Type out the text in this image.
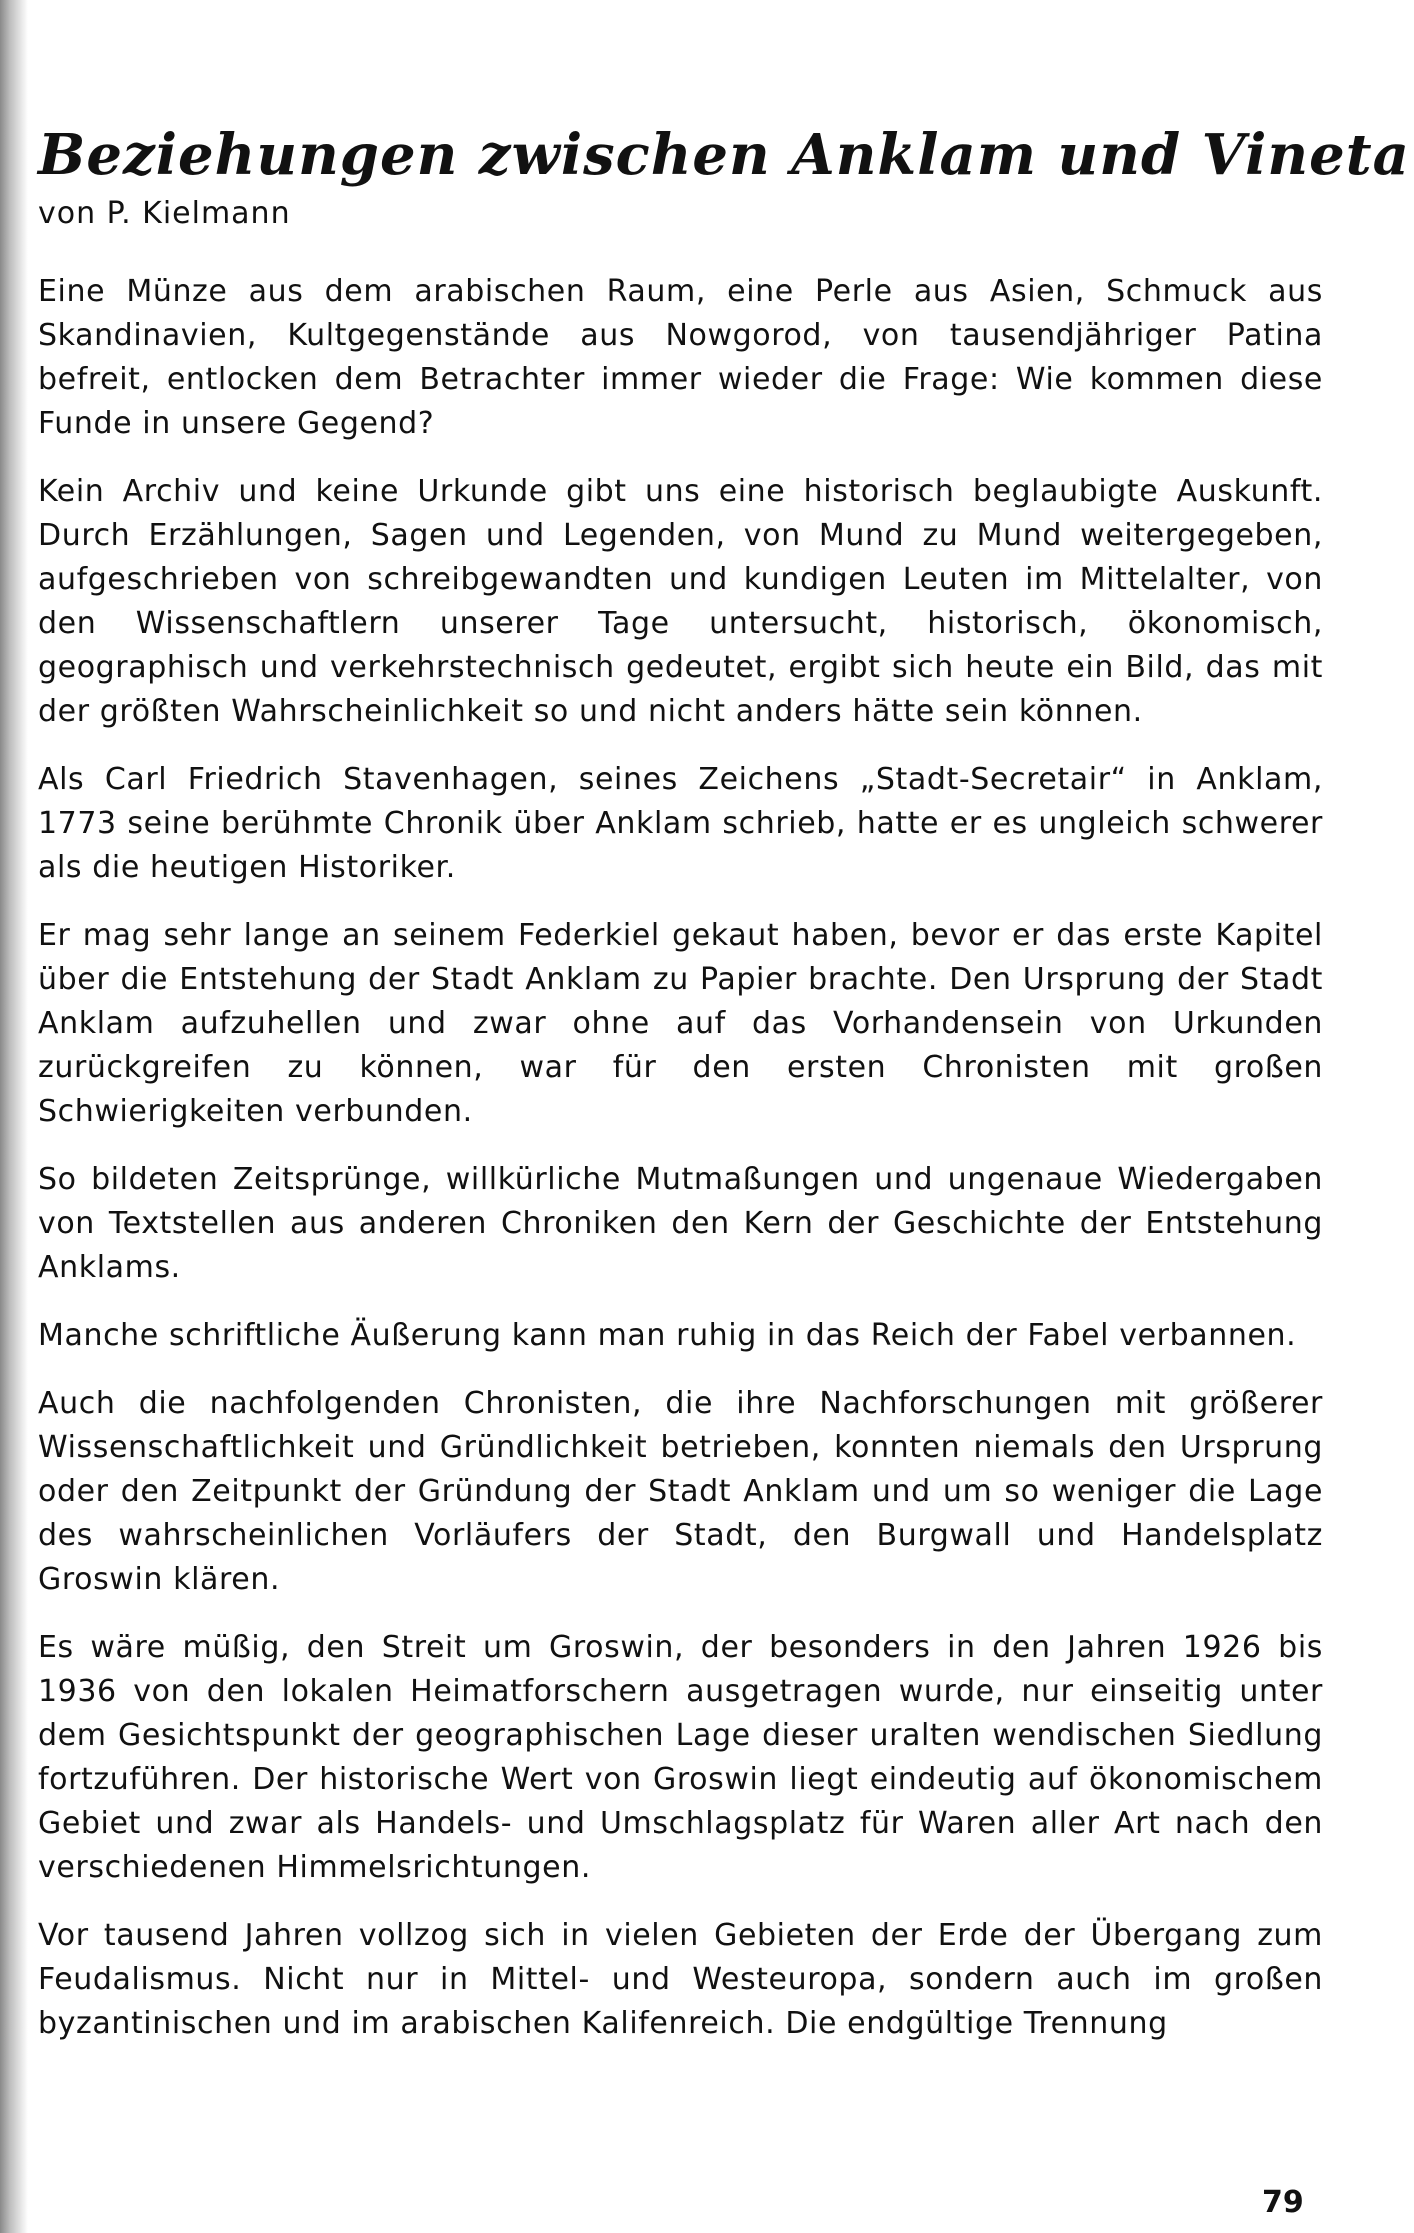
Beziehungen zwischen Anklam und Vineta
von P. Kielmann

Eine Münze aus dem arabischen Raum, eine Perle aus Asien, Schmuck aus Skandinavien, Kultgegenstände aus Nowgorod, von tausendjähriger Patina befreit, entlocken dem Betrachter immer wieder die Frage: Wie kommen diese Funde in unsere Gegend?

Kein Archiv und keine Urkunde gibt uns eine historisch beglaubigte Auskunft. Durch Erzählungen, Sagen und Legenden, von Mund zu Mund weitergegeben, aufgeschrieben von schreibgewandten und kundigen Leuten im Mittelalter, von den Wissenschaftlern unserer Tage untersucht, historisch, ökonomisch, geographisch und verkehrstechnisch gedeutet, ergibt sich heute ein Bild, das mit der größten Wahrscheinlichkeit so und nicht anders hätte sein können.

Als Carl Friedrich Stavenhagen, seines Zeichens „Stadt-Secretair“ in Anklam, 1773 seine berühmte Chronik über Anklam schrieb, hatte er es ungleich schwerer als die heutigen Historiker.

Er mag sehr lange an seinem Federkiel gekaut haben, bevor er das erste Kapitel über die Entstehung der Stadt Anklam zu Papier brachte. Den Ursprung der Stadt Anklam aufzuhellen und zwar ohne auf das Vorhandensein von Urkunden zurückgreifen zu können, war für den ersten Chronisten mit großen Schwierigkeiten verbunden.

So bildeten Zeitsprünge, willkürliche Mutmaßungen und ungenaue Wiedergaben von Textstellen aus anderen Chroniken den Kern der Geschichte der Entstehung Anklams.

Manche schriftliche Äußerung kann man ruhig in das Reich der Fabel verbannen.

Auch die nachfolgenden Chronisten, die ihre Nachforschungen mit größerer Wissenschaftlichkeit und Gründlichkeit betrieben, konnten niemals den Ursprung oder den Zeitpunkt der Gründung der Stadt Anklam und um so weniger die Lage des wahrscheinlichen Vorläufers der Stadt, den Burgwall und Handelsplatz Groswin klären.

Es wäre müßig, den Streit um Groswin, der besonders in den Jahren 1926 bis 1936 von den lokalen Heimatforschern ausgetragen wurde, nur einseitig unter dem Gesichtspunkt der geographischen Lage dieser uralten wendischen Siedlung fortzuführen. Der historische Wert von Groswin liegt eindeutig auf ökonomischem Gebiet und zwar als Handels- und Umschlagsplatz für Waren aller Art nach den verschiedenen Himmelsrichtungen.

Vor tausend Jahren vollzog sich in vielen Gebieten der Erde der Übergang zum Feudalismus. Nicht nur in Mittel- und Westeuropa, sondern auch im großen byzantinischen und im arabischen Kalifenreich. Die endgültige Trennung

79
